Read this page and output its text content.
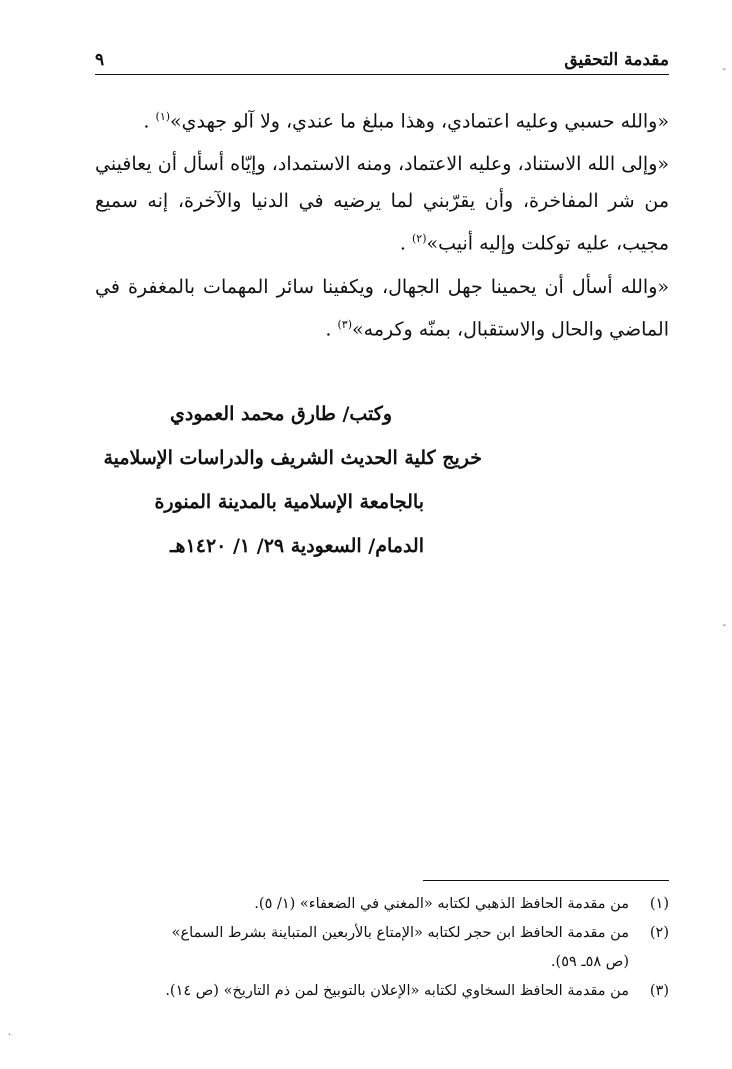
مقدمة التحقيق
٩

«والله حسبي وعليه اعتمادي، وهذا مبلغ ما عندي، ولا آلو جهدي»$^{(١)}$ .

«وإلى الله الاستناد، وعليه الاعتماد، ومنه الاستمداد، وإيّاه أسأل أن يعافيني من شر المفاخرة، وأن يقرّبني لما يرضيه في الدنيا والآخرة، إنه سميع مجيب، عليه توكلت وإليه أنيب»$^{(٢)}$ .

«والله أسأل أن يحمينا جهل الجهال، ويكفينا سائر المهمات بالمغفرة في الماضي والحال والاستقبال، بمنّه وكرمه»$^{(٣)}$ .

وكتب/ طارق محمد العمودي
خريج كلية الحديث الشريف والدراسات الإسلامية
بالجامعة الإسلامية بالمدينة المنورة
الدمام/ السعودية ٢٩/ ١/ ١٤٢٠هـ
(١)
من مقدمة الحافظ الذهبي لكتابه «المغني في الضعفاء» (١/ ٥).
(٢)
من مقدمة الحافظ ابن حجر لكتابه «الإمتاع بالأربعين المتباينة بشرط السماع»
(ص ٥٨ـ ٥٩).
(٣)
من مقدمة الحافظ السخاوي لكتابه «الإعلان بالتوبيخ لمن ذم التاريخ» (ص ١٤).
-
-
·
